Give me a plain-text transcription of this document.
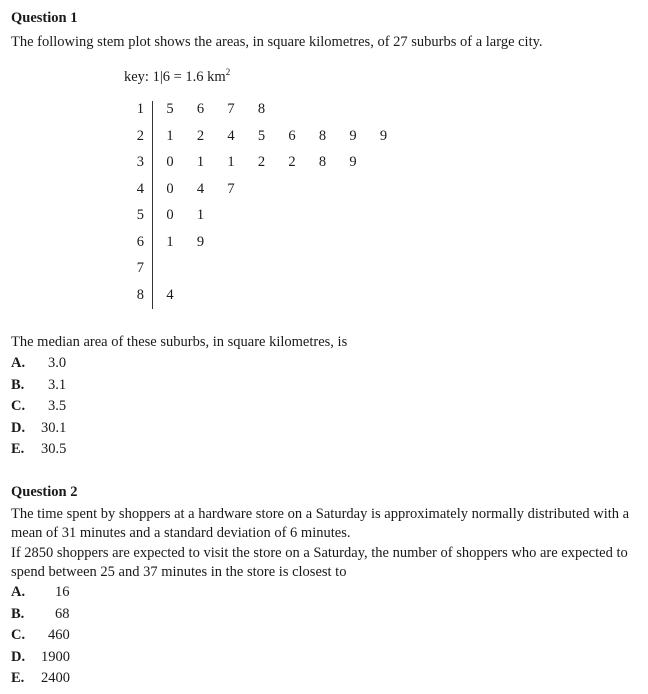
Question 1
The following stem plot shows the areas, in square kilometres, of 27 suburbs of a large city.
key: 1|6 = 1.6 $km^2$
1 5 6 7 8
2 1 2 4 5 6 8 9 9
3 0 1 1 2 2 8 9
4 0 4 7
5 0 1
6 1 9
7
8 4
The median area of these suburbs, in square kilometres, is
A. 3.0
B. 3.1
C. 3.5
D. 30.1
E. 30.5
Question 2
The time spent by shoppers at a hardware store on a Saturday is approximately normally distributed with a mean of 31 minutes and a standard deviation of 6 minutes.
If 2850 shoppers are expected to visit the store on a Saturday, the number of shoppers who are expected to spend between 25 and 37 minutes in the store is closest to
A. 16
B. 68
C. 460
D. 1900
E. 2400
